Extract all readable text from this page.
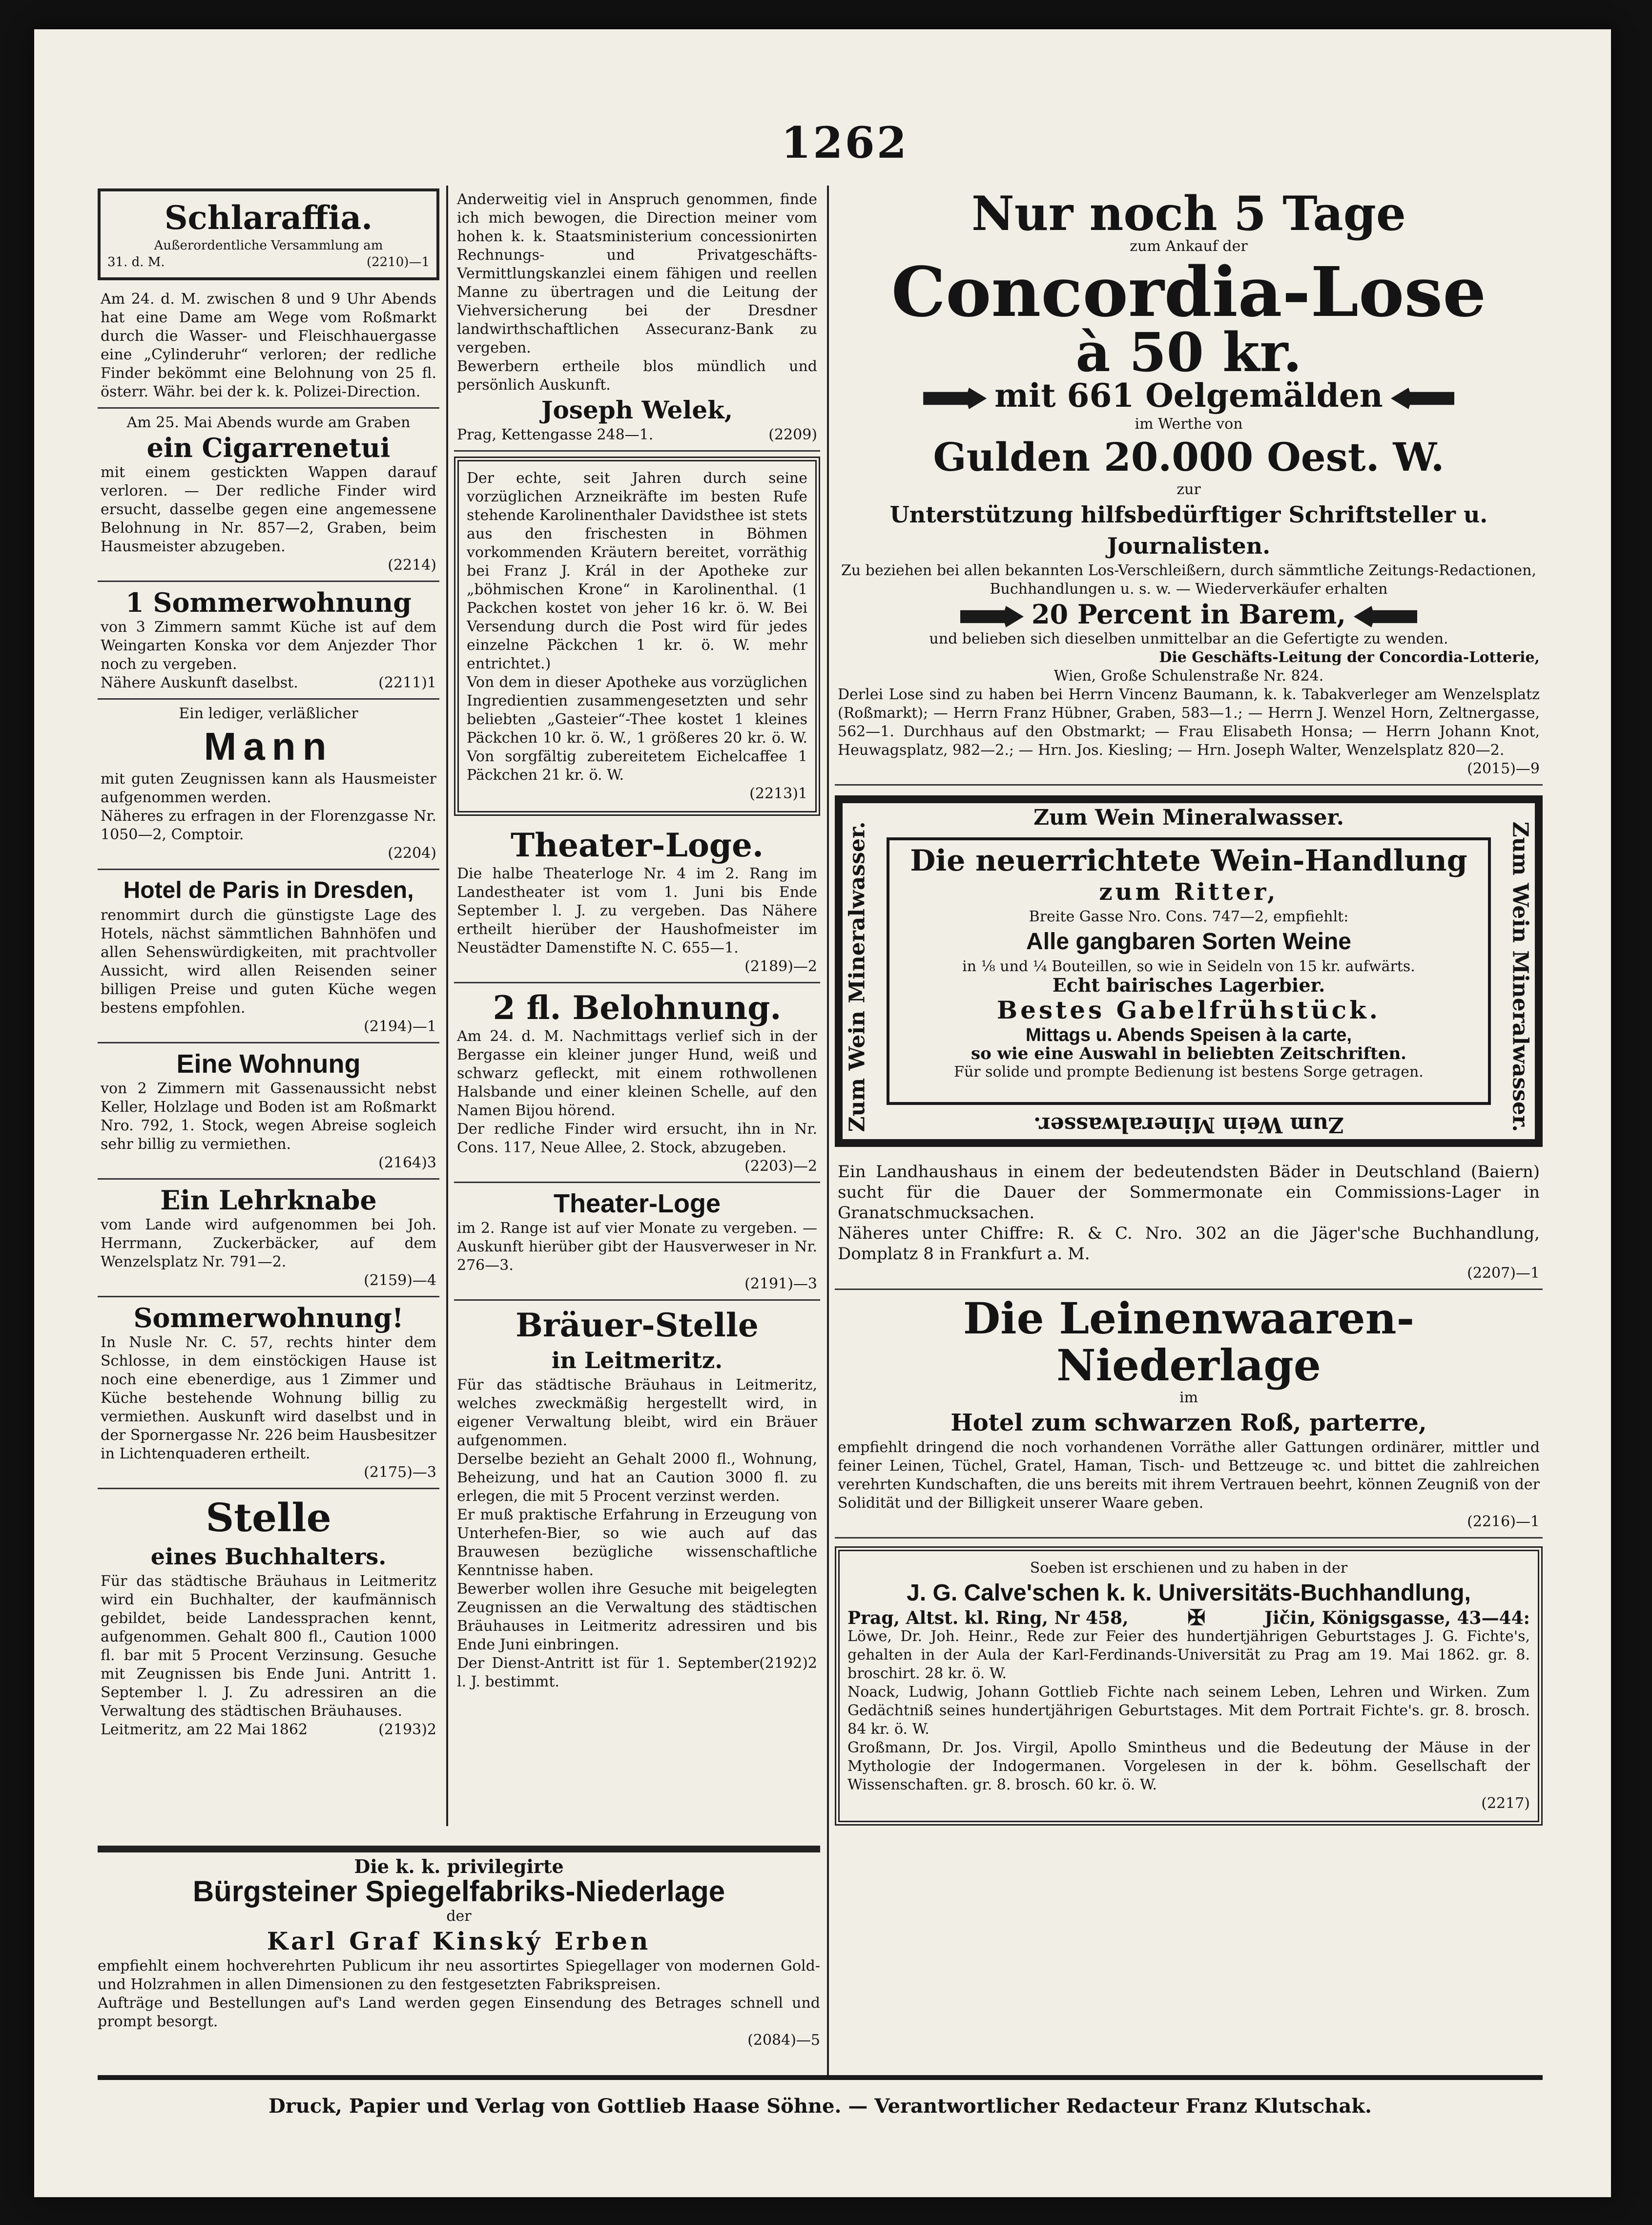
1262
Schlaraffia.

Außerordentliche Versammlung am

31. d. M.	(2210)—1

Am 24. d. M. zwischen 8 und 9 Uhr Abends hat eine Dame am Wege vom Roßmarkt durch die Wasser- und Fleischhauergasse eine „Cylinderuhr“ verloren; der redliche Finder bekömmt eine Belohnung von 25 fl. österr. Währ. bei der k. k. Polizei-Direction.

Am 25. Mai Abends wurde am Graben

ein Cigarrenetui

mit einem gestickten Wappen darauf verloren. — Der redliche Finder wird ersucht, dasselbe gegen eine angemessene Belohnung in Nr. 857—2, Graben, beim Hausmeister abzugeben.

(2214)

1 Sommerwohnung

von 3 Zimmern sammt Küche ist auf dem Weingarten Konska vor dem Anjezder Thor noch zu vergeben.

Nähere Auskunft daselbst.	(2211)1

Ein lediger, verläßlicher

Mann

mit guten Zeugnissen kann als Hausmeister aufgenommen werden.

Näheres zu erfragen in der Florenzgasse Nr. 1050—2, Comptoir.

(2204)

Hotel de Paris in Dresden,

renommirt durch die günstigste Lage des Hotels, nächst sämmtlichen Bahnhöfen und allen Sehenswürdigkeiten, mit prachtvoller Aussicht, wird allen Reisenden seiner billigen Preise und guten Küche wegen bestens empfohlen.

(2194)—1

Eine Wohnung

von 2 Zimmern mit Gassenaussicht nebst Keller, Holzlage und Boden ist am Roßmarkt Nro. 792, 1. Stock, wegen Abreise sogleich sehr billig zu vermiethen.

(2164)3

Ein Lehrknabe

vom Lande wird aufgenommen bei Joh. Herrmann, Zuckerbäcker, auf dem Wenzelsplatz Nr. 791—2.

(2159)—4

Sommerwohnung!

In Nusle Nr. C. 57, rechts hinter dem Schlosse, in dem einstöckigen Hause ist noch eine ebenerdige, aus 1 Zimmer und Küche bestehende Wohnung billig zu vermiethen. Auskunft wird daselbst und in der Spornergasse Nr. 226 beim Hausbesitzer in Lichtenquaderen ertheilt.

(2175)—3

Stelle
eines Buchhalters.

Für das städtische Bräuhaus in Leitmeritz wird ein Buchhalter, der kaufmännisch gebildet, beide Landessprachen kennt, aufgenommen. Gehalt 800 fl., Caution 1000 fl. bar mit 5 Procent Verzinsung. Gesuche mit Zeugnissen bis Ende Juni. Antritt 1. September l. J. Zu adressiren an die Verwaltung des städtischen Bräuhauses.

Leitmeritz, am 22 Mai 1862	(2193)2

Anderweitig viel in Anspruch genommen, finde ich mich bewogen, die Direction meiner vom hohen k. k. Staatsministerium concessionirten Rechnungs- und Privatgeschäfts-Vermittlungskanzlei einem fähigen und reellen Manne zu übertragen und die Leitung der Viehversicherung bei der Dresdner landwirthschaftlichen Assecuranz-Bank zu vergeben.

Bewerbern ertheile blos mündlich und persönlich Auskunft.

Joseph Welek,

Prag, Kettengasse 248—1.	(2209)

Der echte, seit Jahren durch seine vorzüglichen Arzneikräfte im besten Rufe stehende Karolinenthaler Davidsthee ist stets aus den frischesten in Böhmen vorkommenden Kräutern bereitet, vorräthig bei Franz J. Král in der Apotheke zur „böhmischen Krone“ in Karolinenthal. (1 Packchen kostet von jeher 16 kr. ö. W. Bei Versendung durch die Post wird für jedes einzelne Päckchen 1 kr. ö. W. mehr entrichtet.)

Von dem in dieser Apotheke aus vorzüglichen Ingredientien zusammengesetzten und sehr beliebten „Gasteier“-Thee kostet 1 kleines Päckchen 10 kr. ö. W., 1 größeres 20 kr. ö. W. Von sorgfältig zubereitetem Eichelcaffee 1 Päckchen 21 kr. ö. W.

(2213)1

Theater-Loge.

Die halbe Theaterloge Nr. 4 im 2. Rang im Landestheater ist vom 1. Juni bis Ende September l. J. zu vergeben. Das Nähere ertheilt hierüber der Haushofmeister im Neustädter Damenstifte N. C. 655—1.

(2189)—2

2 fl. Belohnung.

Am 24. d. M. Nachmittags verlief sich in der Bergasse ein kleiner junger Hund, weiß und schwarz gefleckt, mit einem rothwollenen Halsbande und einer kleinen Schelle, auf den Namen Bijou hörend.

Der redliche Finder wird ersucht, ihn in Nr. Cons. 117, Neue Allee, 2. Stock, abzugeben.

(2203)—2

Theater-Loge

im 2. Range ist auf vier Monate zu vergeben. — Auskunft hierüber gibt der Hausverweser in Nr. 276—3.

(2191)—3

Bräuer-Stelle
in Leitmeritz.

Für das städtische Bräuhaus in Leitmeritz, welches zweckmäßig hergestellt wird, in eigener Verwaltung bleibt, wird ein Bräuer aufgenommen.

Derselbe bezieht an Gehalt 2000 fl., Wohnung, Beheizung, und hat an Caution 3000 fl. zu erlegen, die mit 5 Procent verzinst werden.

Er muß praktische Erfahrung in Erzeugung von Unterhefen-Bier, so wie auch auf das Brauwesen bezügliche wissenschaftliche Kenntnisse haben.

Bewerber wollen ihre Gesuche mit beigelegten Zeugnissen an die Verwaltung des städtischen Bräuhauses in Leitmeritz adressiren und bis Ende Juni einbringen.

Der Dienst-Antritt ist für 1. September l. J. bestimmt.
(2192)2

Die k. k. privilegirte

Bürgsteiner Spiegelfabriks-Niederlage

der

Karl Graf Kinský Erben

empfiehlt einem hochverehrten Publicum ihr neu assortirtes Spiegellager von modernen Gold- und Holzrahmen in allen Dimensionen zu den festgesetzten Fabrikspreisen.

Aufträge und Bestellungen auf's Land werden gegen Einsendung des Betrages schnell und prompt besorgt.

(2084)—5

Nur noch 5 Tage

zum Ankauf der

Concordia-Lose
à 50 kr.
mit 661 Oelgemälden

im Werthe von

Gulden 20.000 Oest. W.

zur

Unterstützung hilfsbedürftiger Schriftsteller u. Journalisten.

Zu beziehen bei allen bekannten Los-Verschleißern, durch sämmtliche Zeitungs-Redactionen, Buchhandlungen u. s. w. — Wiederverkäufer erhalten

20 Percent in Barem,

und belieben sich dieselben unmittelbar an die Gefertigte zu wenden.

Die Geschäfts-Leitung der Concordia-Lotterie,

Wien, Große Schulenstraße Nr. 824.

Derlei Lose sind zu haben bei Herrn Vincenz Baumann, k. k. Tabakverleger am Wenzelsplatz (Roßmarkt); — Herrn Franz Hübner, Graben, 583—1.; — Herrn J. Wenzel Horn, Zeltnergasse, 562—1. Durchhaus auf den Obstmarkt; — Frau Elisabeth Honsa; — Herrn Johann Knot, Heuwagsplatz, 982—2.; — Hrn. Jos. Kiesling; — Hrn. Joseph Walter, Wenzelsplatz 820—2.

(2015)—9

Zum Wein Mineralwasser.
Zum Wein Mineralwasser.
Zum Wein Mineralwasser.	Zum Wein Mineralwasser.
Die neuerrichtete Wein-Handlung
zum Ritter,

Breite Gasse Nro. Cons. 747—2, empfiehlt:

Alle gangbaren Sorten Weine

in ⅛ und ¼ Bouteillen, so wie in Seideln von 15 kr. aufwärts.

Echt bairisches Lagerbier.

Bestes Gabelfrühstück.

Mittags u. Abends Speisen à la carte,

so wie eine Auswahl in beliebten Zeitschriften.

Für solide und prompte Bedienung ist bestens Sorge getragen.

Ein Landhaushaus in einem der bedeutendsten Bäder in Deutschland (Baiern) sucht für die Dauer der Sommermonate ein Commissions-Lager in Granatschmucksachen.

Näheres unter Chiffre: R. & C. Nro. 302 an die Jäger'sche Buchhandlung, Domplatz 8 in Frankfurt a. M.

(2207)—1

Die Leinenwaaren-Niederlage

im

Hotel zum schwarzen Roß, parterre,

empfiehlt dringend die noch vorhandenen Vorräthe aller Gattungen ordinärer, mittler und feiner Leinen, Tüchel, Gratel, Haman, Tisch- und Bettzeuge ꝛc. und bittet die zahlreichen verehrten Kundschaften, die uns bereits mit ihrem Vertrauen beehrt, können Zeugniß von der Solidität und der Billigkeit unserer Waare geben.

(2216)—1

Soeben ist erschienen und zu haben in der

J. G. Calve'schen k. k. Universitäts-Buchhandlung,

Prag, Altst. kl. Ring, Nr 458,	✠	Jičin, Königsgasse, 43—44:

Löwe, Dr. Joh. Heinr., Rede zur Feier des hundertjährigen Geburtstages J. G. Fichte's, gehalten in der Aula der Karl-Ferdinands-Universität zu Prag am 19. Mai 1862. gr. 8. broschirt. 28 kr. ö. W.

Noack, Ludwig, Johann Gottlieb Fichte nach seinem Leben, Lehren und Wirken. Zum Gedächtniß seines hundertjährigen Geburtstages. Mit dem Portrait Fichte's. gr. 8. brosch. 84 kr. ö. W.

Großmann, Dr. Jos. Virgil, Apollo Smintheus und die Bedeutung der Mäuse in der Mythologie der Indogermanen. Vorgelesen in der k. böhm. Gesellschaft der Wissenschaften. gr. 8. brosch. 60 kr. ö. W.

(2217)

Druck, Papier und Verlag von Gottlieb Haase Söhne. — Verantwortlicher Redacteur Franz Klutschak.
